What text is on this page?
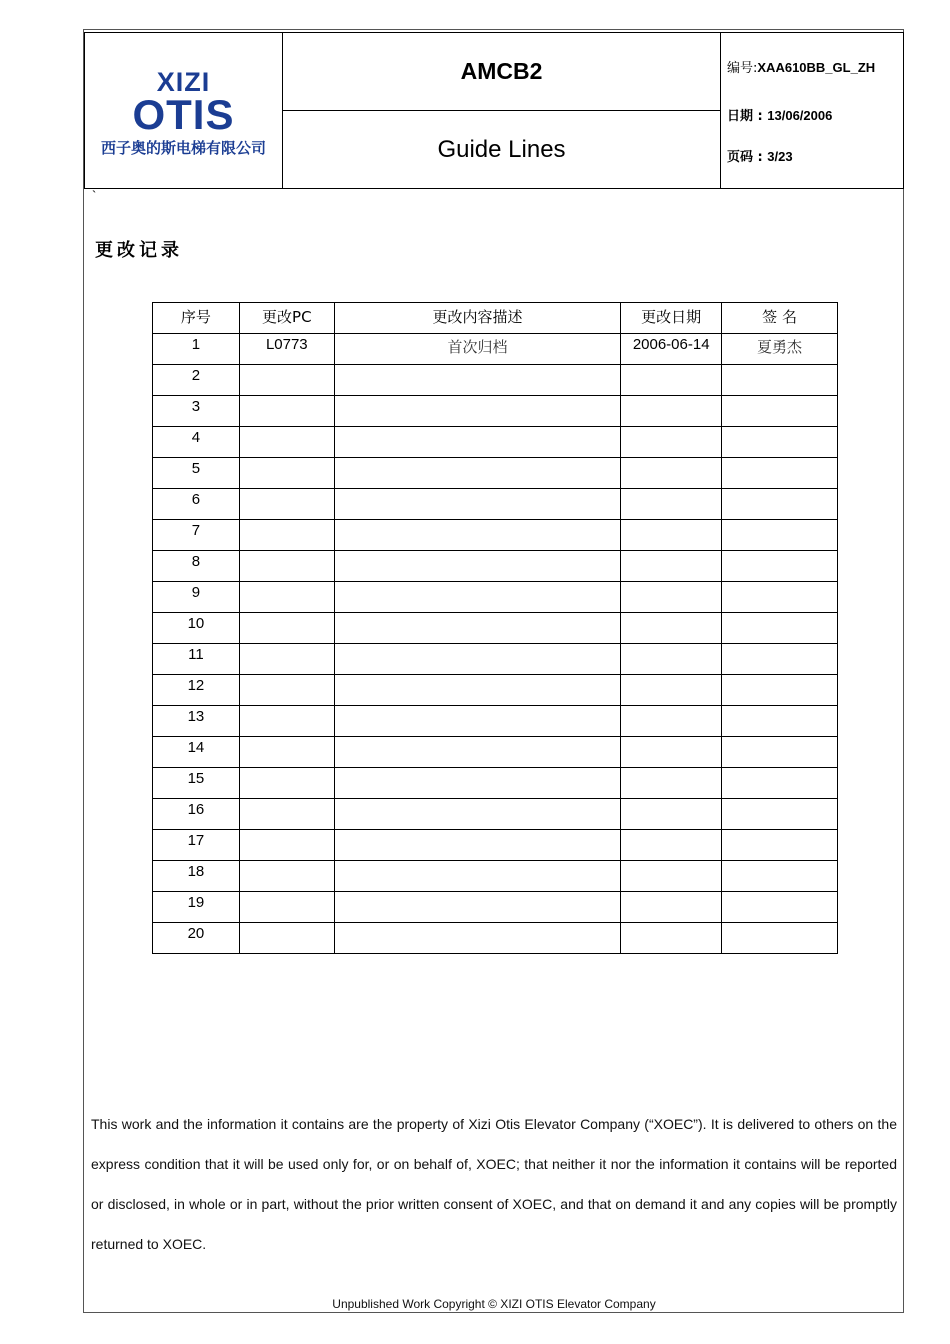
XIZI
OTIS
西子奥的斯电梯有限公司
AMCB2
Guide Lines
编号:XAA610BB_GL_ZH
日期 : 13/06/2006
页码 : 3/23
`
更改记录
序号	更改PC	更改内容描述	更改日期	签 名
1	L0773	首次归档	2006-06-14	夏勇杰
2				
3				
4				
5				
6				
7				
8				
9				
10				
11				
12				
13				
14				
15				
16				
17				
18				
19				
20				
This work and the information it contains are the property of Xizi Otis Elevator Company (“XOEC”). It is delivered to others on the express condition that it will be used only for, or on behalf of, XOEC; that neither it nor the information it contains will be reported or disclosed, in whole or in part, without the prior written consent of XOEC, and that on demand it and any copies will be promptly returned to XOEC.
Unpublished Work Copyright © XIZI OTIS Elevator Company
